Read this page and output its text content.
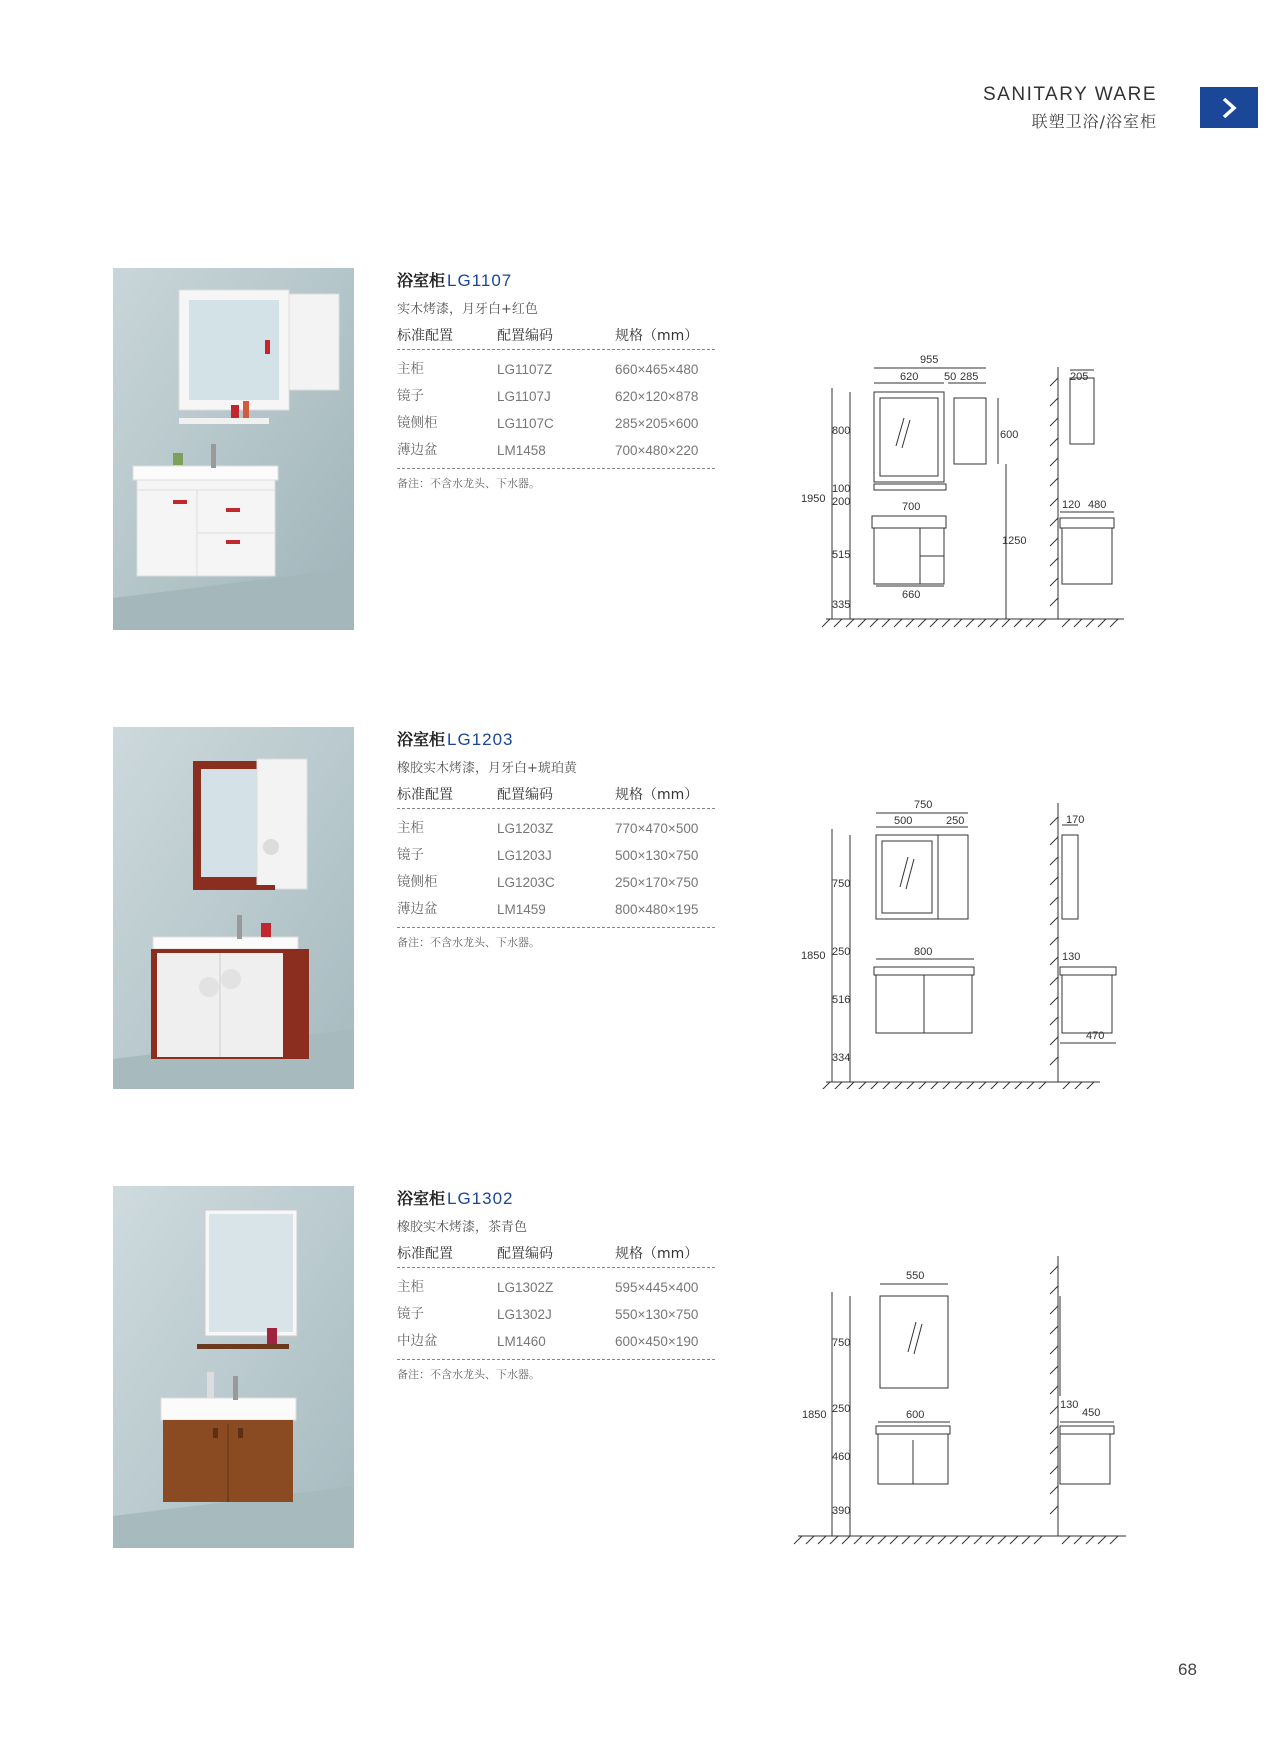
SANITARY WARE
联塑卫浴/浴室柜
浴室柜 LG1107
实木烤漆，月牙白+红色
标准配置	配置编码	规格（mm）
主柜	LG1107Z	660×465×480
镜子	LG1107J	620×120×878
镜侧柜	LG1107C	285×205×600
薄边盆	LM1458	700×480×220
备注：不含水龙头、下水器。
955
620 50 285	205
800	600
100
1950 200	700
515
660
335
1250
120 480
浴室柜 LG1203
橡胶实木烤漆，月牙白+琥珀黄
标准配置	配置编码	规格（mm）
主柜	LG1203Z	770×470×500
镜子	LG1203J	500×130×750
镜侧柜	LG1203C	250×170×750
薄边盆	LM1459	800×480×195
备注：不含水龙头、下水器。
750
500	250	170
750
1850 250	800
516
334
130
470
浴室柜 LG1302
橡胶实木烤漆，茶青色
标准配置	配置编码	规格（mm）
主柜	LG1302Z	595×445×400
镜子	LG1302J	550×130×750
中边盆	LM1460	600×450×190
备注：不含水龙头、下水器。
550
750
1850 250	600
460
390
130
450
68
